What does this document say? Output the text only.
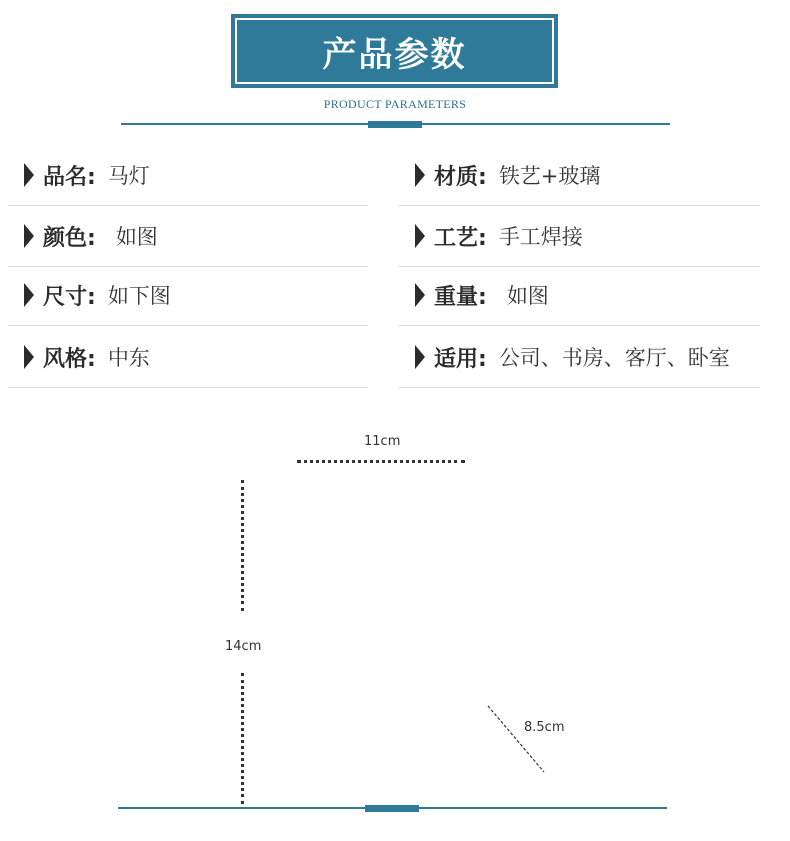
产品参数
PRODUCT PARAMETERS
品名: 马灯	材质: 铁艺+玻璃
颜色: 如图	工艺: 手工焊接
尺寸: 如下图	重量: 如图
风格: 中东	适用: 公司、书房、客厅、卧室
11cm
14cm
8.5cm
